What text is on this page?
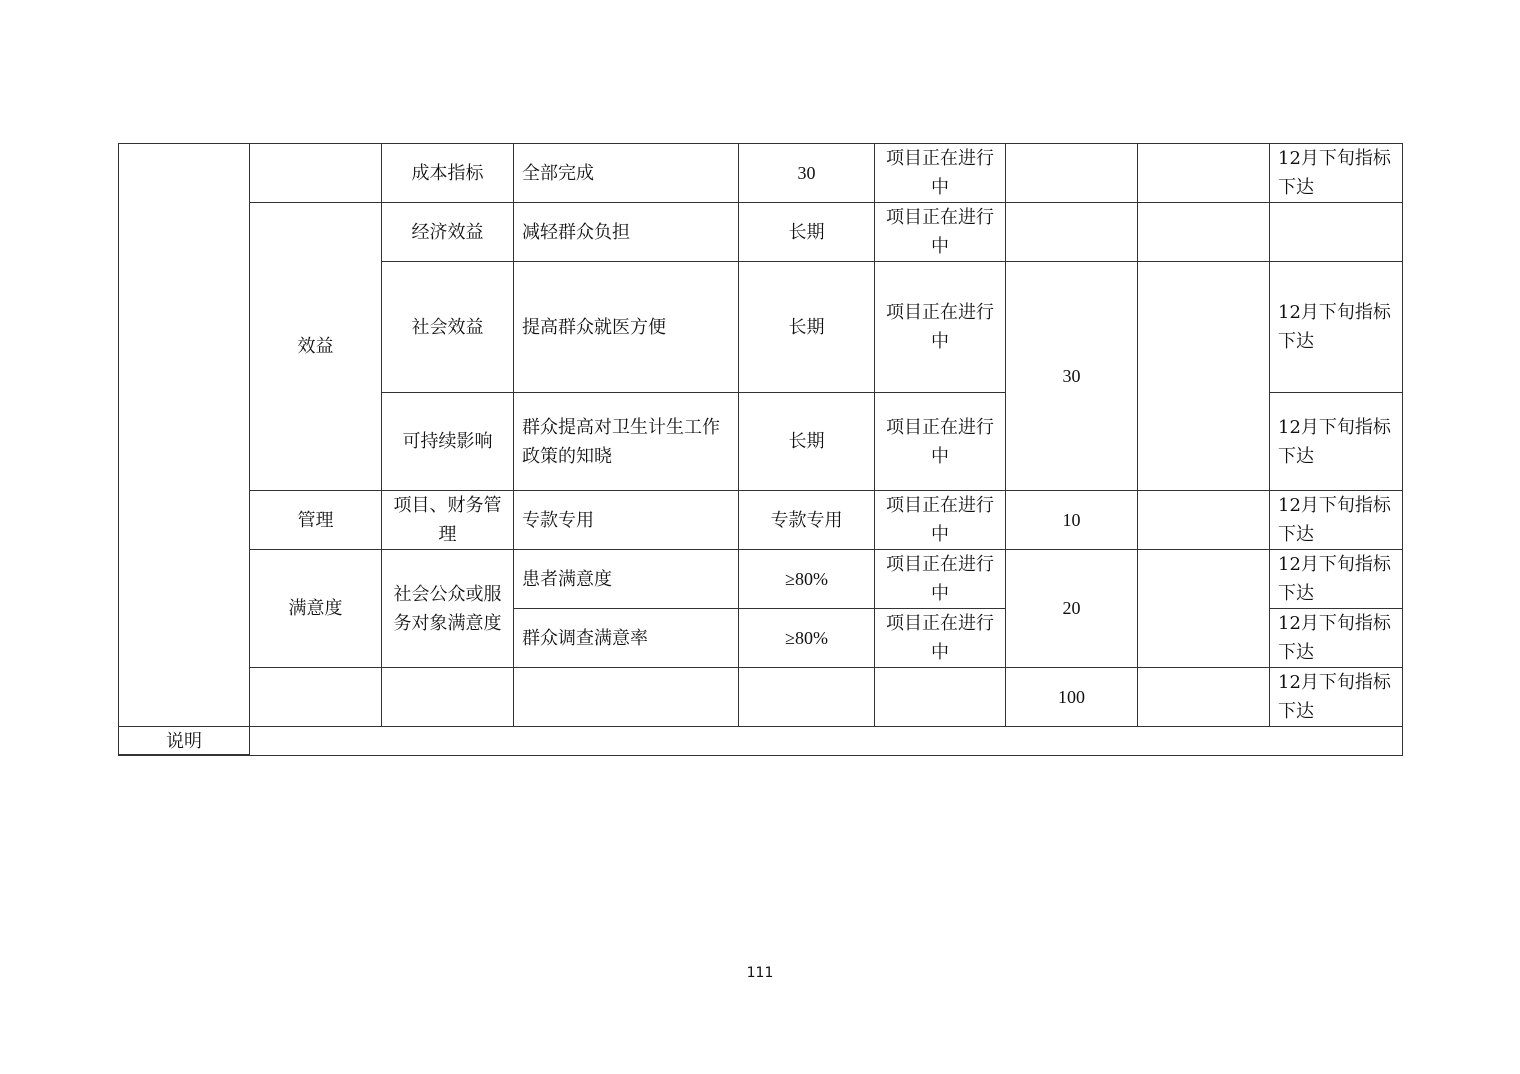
		成本指标	全部完成	30	项目正在进行中			12月下旬指标下达
	效益	经济效益	减轻群众负担	长期	项目正在进行中			
		社会效益	提高群众就医方便	长期	项目正在进行中	30		12月下旬指标下达
		可持续影响	群众提高对卫生计生工作政策的知晓	长期	项目正在进行中			12月下旬指标下达
	管理	项目、财务管理	专款专用	专款专用	项目正在进行中	10		12月下旬指标下达
	满意度	社会公众或服务对象满意度	患者满意度	≥80%	项目正在进行中	20		12月下旬指标下达
			群众调查满意率	≥80%	项目正在进行中			12月下旬指标下达
						100		12月下旬指标下达

说明
111
